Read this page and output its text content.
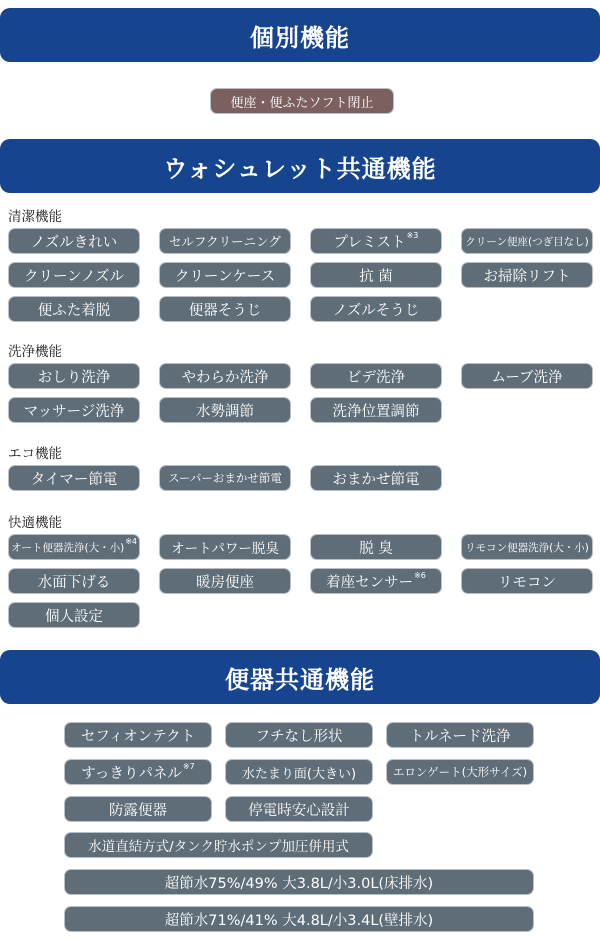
個別機能
便座・便ふたソフト閉止
ウォシュレット共通機能
清潔機能
ノズルきれい	セルフクリーニング	プレミスト$^{※3}$	クリーン便座(つぎ目なし)
クリーンノズル	クリーンケース	抗 菌	お掃除リフト
便ふた着脱	便器そうじ	ノズルそうじ
洗浄機能
おしり洗浄	やわらか洗浄	ビデ洗浄	ムーブ洗浄
マッサージ洗浄	水勢調節	洗浄位置調節
エコ機能
タイマー節電	スーパーおまかせ節電	おまかせ節電
快適機能
オート便器洗浄(大・小)$^{※4}$	オートパワー脱臭	脱 臭	リモコン便器洗浄(大・小)
水面下げる	暖房便座	着座センサー$^{※6}$	リモコン
個人設定
便器共通機能
セフィオンテクト	フチなし形状	トルネード洗浄
すっきりパネル$^{※7}$	水たまり面(大きい)	エロンゲート(大形サイズ)
防露便器	停電時安心設計
水道直結方式/タンク貯水ポンプ加圧併用式
超節水75%/49% 大3.8L/小3.0L(床排水)
超節水71%/41% 大4.8L/小3.4L(壁排水)
